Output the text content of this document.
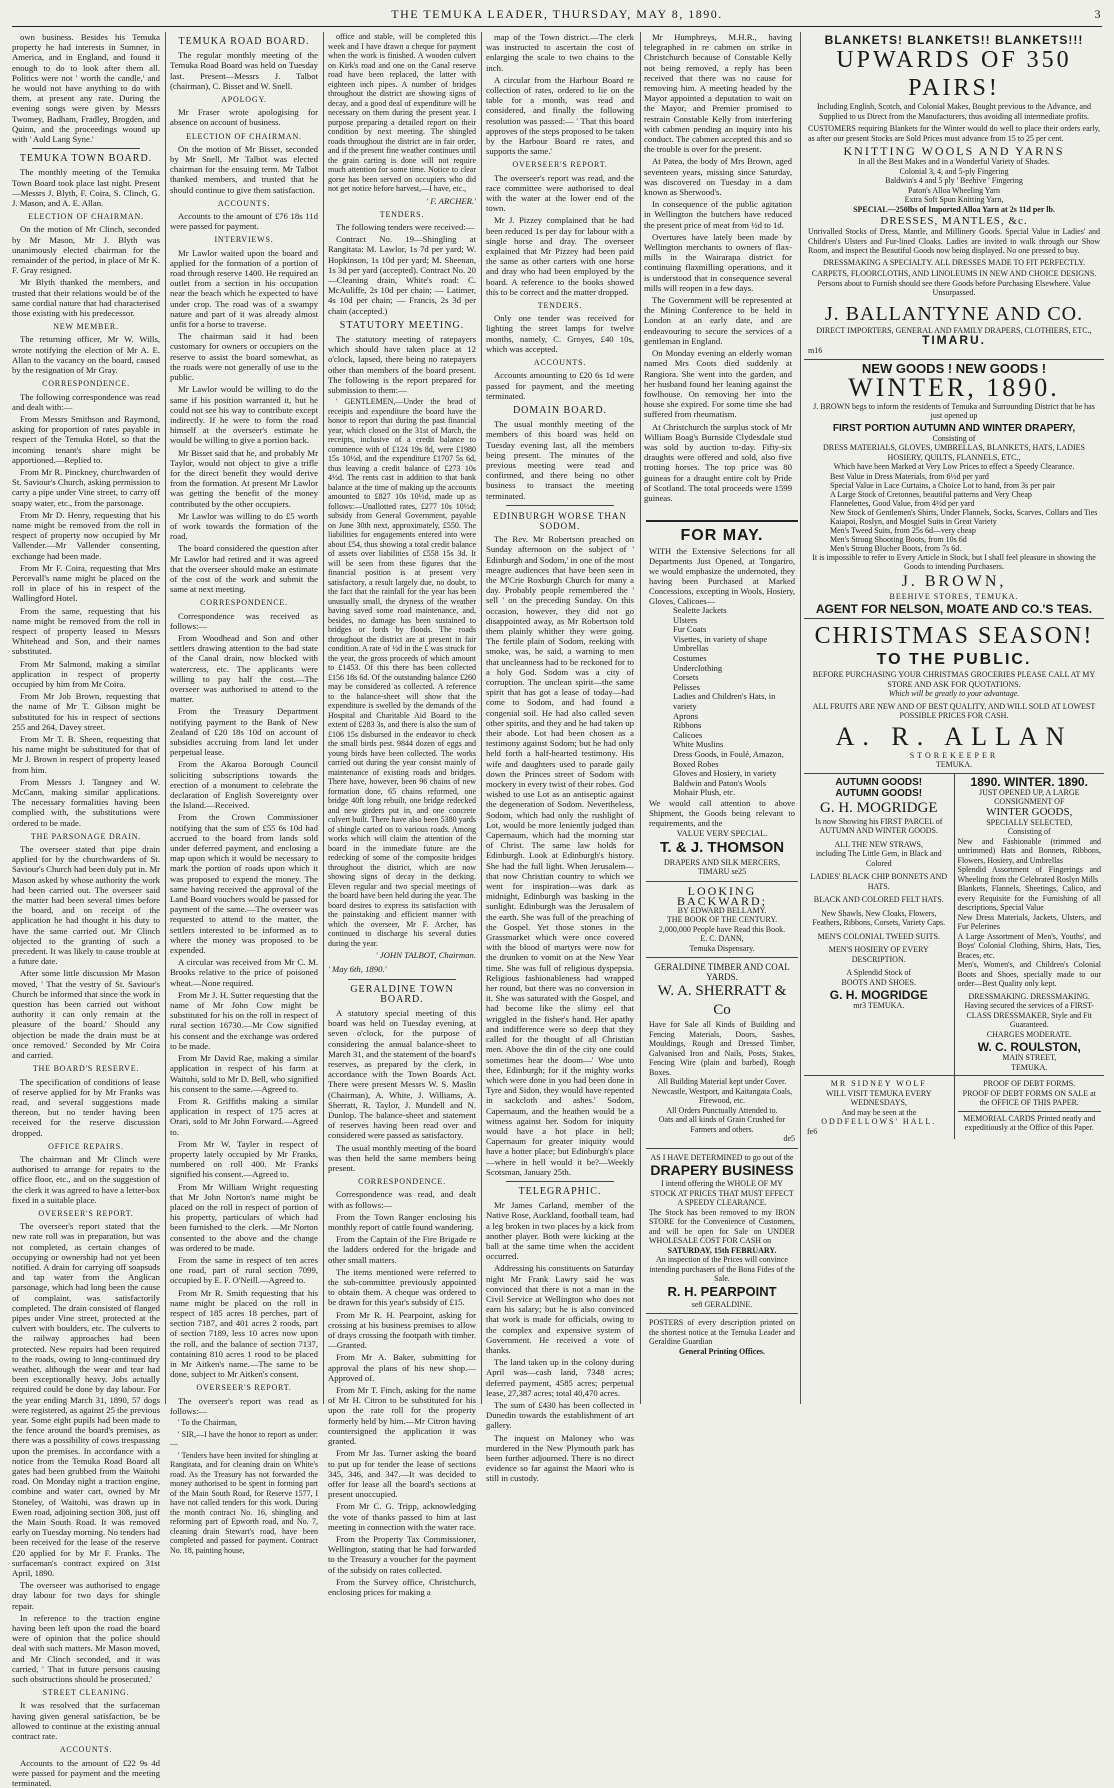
THE TEMUKA LEADER, THURSDAY, MAY 8, 1890.	3

own business. Besides his Temuka property he had interests in Sumner, in America, and in England, and found it enough to do to look after them all. Politics were not ' worth the candle,' and he would not have anything to do with them, at present any rate. During the evening songs were given by Messrs Twomey, Badham, Fradley, Brogden, and Quinn, and the proceedings wound up with ' Auld Lang Syne.'

TEMUKA TOWN BOARD.

The monthly meeting of the Temuka Town Board took place last night. Present—Messrs J. Blyth, F. Coira, S. Clinch, G. J. Mason, and A. E. Allan.

ELECTION OF CHAIRMAN.

On the motion of Mr Clinch, seconded by Mr Mason, Mr J. Blyth was unanimously elected chairman for the remainder of the period, in place of Mr K. F. Gray resigned.

Mr Blyth thanked the members, and trusted that their relations would be of the same cordial nature that had characterised those existing with his predecessor.

NEW MEMBER.

The returning officer, Mr W. Wills, wrote notifying the election of Mr A. E. Allan to the vacancy on the board, caused by the resignation of Mr Gray.

CORRESPONDENCE.

The following correspondence was read and dealt with:—

From Messrs Smithson and Raymond, asking for proportion of rates payable in respect of the Temuka Hotel, so that the incoming tenant's share might be apportioned.—Replied to.

From Mr R. Pinckney, churchwarden of St. Saviour's Church, asking permission to carry a pipe under Vine street, to carry off soapy water, etc., from the parsonage.

From Mr D. Henry, requesting that his name might be removed from the roll in respect of property now occupied by Mr Vallender.—Mr Vallender consenting, exchange had been made.

From Mr F. Coira, requesting that Mrs Percevall's name might be placed on the roll in place of his in respect of the Wallingford Hotel.

From the same, requesting that his name might be removed from the roll in respect of property leased to Messrs Whitehead and Son, and their names substituted.

From Mr Salmond, making a similar application in respect of property occupied by him from Mr Coira.

From Mr Job Brown, requesting that the name of Mr T. Gibson might be substituted for his in respect of sections 255 and 264, Davey street.

From Mr T. B. Sheen, requesting that his name might be substituted for that of Mr J. Brown in respect of property leased from him.

From Messrs J. Tangney and W. McCann, making similar applications. The necessary formalities having been complied with, the substitutions were ordered to be made.

THE PARSONAGE DRAIN.

The overseer stated that pipe drain applied for by the churchwardens of St. Saviour's Church had been duly put in. Mr Mason asked by whose authority the work had been carried out. The overseer said the matter had been several times before the board, and on receipt of the application he had thought it his duty to have the same carried out. Mr Clinch objected to the granting of such a precedent. It was likely to cause trouble at a future date.

After some little discussion Mr Mason moved, ' That the vestry of St. Saviour's Church be informed that since the work in question has been carried out without authority it can only remain at the pleasure of the board.' Should any objection be made the drain must be at once removed.' Seconded by Mr Coira and carried.

THE BOARD'S RESERVE.

The specification of conditions of lease of reserve applied for by Mr Franks was read, and several suggestions made thereon, but no tender having been received for the reserve discussion dropped.

OFFICE REPAIRS.

The chairman and Mr Clinch were authorised to arrange for repairs to the office floor, etc., and on the suggestion of the clerk it was agreed to have a letter-box fixed in a suitable place.

OVERSEER'S REPORT.

The overseer's report stated that the new rate roll was in preparation, but was not completed, as certain changes of occupying or ownership had not yet been notified. A drain for carrying off soapsuds and tap water from the Anglican parsonage, which had long been the cause of complaint, was satisfactorily completed. The drain consisted of flanged pipes under Vine street, protected at the culvert with boulders, etc. The culverts to the railway approaches had been protected. New repairs had been required to the roads, owing to long-continued dry weather, although the wear and tear had been exceptionally heavy. Jobs actually required could be done by day labour. For the year ending March 31, 1890, 57 dogs were registered, as against 25 the previous year. Some eight pupils had been made to the fence around the board's premises, as there was a possibility of cows trespassing upon the premises. In accordance with a notice from the Temuka Road Board all gates had been grubbed from the Waitohi road. On Monday night a traction engine, combine and water cart, owned by Mr Stoneley, of Waitohi, was drawn up in Ewen road, adjoining section 308, just off the Main South Road. It was removed early on Tuesday morning. No tenders had been received for the lease of the reserve £20 applied for by Mr F. Franks. The surfaceman's contract expired on 31st April, 1890.

The overseer was authorised to engage dray labour for two days for shingle repair.

In reference to the traction engine having been left upon the road the board were of opinion that the police should deal with such matters. Mr Mason moved, and Mr Clinch seconded, and it was carried, ' That in future persons causing such obstructions should be prosecuted.'

STREET CLEANING.

It was resolved that the surfaceman having given general satisfaction, be be allowed to continue at the existing annual contract rate.

ACCOUNTS.

Accounts to the amount of £22 9s 4d were passed for payment and the meeting terminated.

TEMUKA ROAD BOARD.

The regular monthly meeting of the Temuka Road Board was held on Tuesday last. Present—Messrs J. Talbot (chairman), C. Bisset and W. Snell.

APOLOGY.

Mr Fraser wrote apologising for absence on account of business.

ELECTION OF CHAIRMAN.

On the motion of Mr Bisset, seconded by Mr Snell, Mr Talbot was elected chairman for the ensuing term. Mr Talbot thanked members, and trusted that he should continue to give them satisfaction.

ACCOUNTS.

Accounts to the amount of £76 18s 11d were passed for payment.

INTERVIEWS.

Mr Lawlor waited upon the board and applied for the formation of a portion of road through reserve 1400. He required an outlet from a section in his occupation near the beach which he expected to have under crop. The road was of a swampy nature and part of it was already almost unfit for a horse to traverse.

The chairman said it had been customary for owners or occupiers on the reserve to assist the board somewhat, as the roads were not generally of use to the public.

Mr Lawlor would be willing to do the same if his position warranted it, but he could not see his way to contribute except indirectly. If he were to form the road himself at the overseer's estimate he would be willing to give a portion back.

Mr Bisset said that he, and probably Mr Taylor, would not object to give a trifle for the direct benefit they would derive from the formation. At present Mr Lawlor was getting the benefit of the money contributed by the other occupiers.

Mr Lawlor was willing to do £5 worth of work towards the formation of the road.

The board considered the question after Mr Lawlor had retired and it was agreed that the overseer should make an estimate of the cost of the work and submit the same at next meeting.

CORRESPONDENCE.

Correspondence was received as follows:—

From Woodhead and Son and other settlers drawing attention to the bad state of the Canal drain, now blocked with watercress, etc. The applicants were willing to pay half the cost.—The overseer was authorised to attend to the matter.

From the Treasury Department notifying payment to the Bank of New Zealand of £20 18s 10d on account of subsidies accruing from land let under perpetual lease.

From the Akaroa Borough Council soliciting subscriptions towards the erection of a monument to celebrate the declaration of English Sovereignty over the Island.—Received.

From the Crown Commissioner notifying that the sum of £55 6s 10d had accrued to the board from lands sold under deferred payment, and enclosing a map upon which it would be necessary to mark the portion of roads upon which it was proposed to expend the money. The same having received the approval of the Land Board vouchers would be passed for payment of the same.—The overseer was requested to attend to the matter, the settlers interested to be informed as to where the money was proposed to be expended.

A circular was received from Mr C. M. Brooks relative to the price of poisoned wheat.—None required.

From Mr J. H. Sutter requesting that the name of Mr John Cow might be substituted for his on the roll in respect of rural section 16730.—Mr Cow signified his consent and the exchange was ordered to be made.

From Mr David Rae, making a similar application in respect of his farm at Waitohi, sold to Mr D. Bell, who signified his consent to the same.—Agreed to.

From R. Griffiths making a similar application in respect of 175 acres at Orari, sold to Mr John Forward.—Agreed to.

From Mr W. Tayler in respect of property lately occupied by Mr Franks, numbered on roll 400. Mr Franks signified his consent.—Agreed to.

From Mr William Wright requesting that Mr John Norton's name might be placed on the roll in respect of portion of his property, particulars of which had been furnished to the clerk. —Mr Norton consented to the above and the change was ordered to be made.

From the same in respect of ten acres one road, part of rural section 7099, occupied by E. F. O'Neill.—Agreed to.

From Mr R. Smith requesting that his name might be placed on the roll in respect of 185 acres 18 perches, part of section 7187, and 401 acres 2 roods, part of section 7189, less 10 acres now upon the roll, and the balance of section 7137, containing 810 acres 1 rood to be placed in Mr Aitken's name.—The same to be done, subject to Mr Aitken's consent.

OVERSEER'S REPORT.

The overseer's report was read as follows:—

' To the Chairman,

' SIR,—I have the honor to report as under:—

' Tenders have been invited for shingling at Rangitata, and for cleaning drain on White's road. As the Treasury has not forwarded the money authorised to be spent in forming part of the Main South Road, for Reserve 1577, I have not called tenders for this work. During the month contract No. 16, shingling and reforming part of Epworth road, and No. 7, cleaning drain Stewart's road, have been completed and passed for payment. Contract No. 18, painting house,

office and stable, will be completed this week and I have drawn a cheque for payment when the work is finished. A wooden culvert on Kirk's road and one on the Canal reserve road have been replaced, the latter with eighteen inch pipes. A number of bridges throughout the district are showing signs of decay, and a good deal of expenditure will be necessary on them during the present year. I purpose preparing a detailed report on their condition by next meeting. The shingled roads throughout the district are in fair order, and if the present fine weather continues until the grain carting is done will not require much attention for some time. Notice to clear gorse has been served on occupiers who did not get notice before harvest,—I have, etc.,

' F. ARCHER.'
TENDERS.

The following tenders were received:—

Contract No. 19—Shingling at Rangitata: M. Lawlor, 1s 7d per yard; W. Hopkinson, 1s 10d per yard; M. Sheenan, 1s 3d per yard (accepted). Contract No. 20—Cleaning drain, White's road: C. McAuliffe, 2s 10d per chain; — Latimer, 4s 10d per chain; — Francis, 2s 3d per chain (accepted.)

STATUTORY MEETING.

The statutory meeting of ratepayers which should have taken place at 12 o'clock, lapsed, there being no ratepayers other than members of the board present. The following is the report prepared for submission to them:—

' GENTLEMEN,—Under the head of receipts and expenditure the board have the honor to report that during the past financial year, which closed on the 31st of March, the receipts, inclusive of a credit balance to commence with of £124 19s 8d, were £1980 15s 10½d, and the expenditure £1707 5s 6d, thus leaving a credit balance of £273 10s 4½d. The rents cast in addition to that bank balance at the time of making up the accounts amounted to £827 10s 10½d, made up as follows:—Unallotted rates, £277 10s 10½d; subsidy from General Government, payable on June 30th next, approximately, £550. The liabilities for engagements entered into were about £54, thus showing a total credit balance of assets over liabilities of £558 15s 3d. It will be seen from these figures that the financial position is at present very satisfactory, a result largely due, no doubt, to the fact that the rainfall for the year has been unusually small, the dryness of the weather having saved some road maintenance, and, besides, no damage has been sustained to bridges or fords by floods. The roads throughout the district are at present in fair condition. A rate of ½d in the £ was struck for the year, the gross proceeds of which amount to £1453. Of this there has been collected £156 18s 6d. Of the outstanding balance £260 may be considered as collected. A reference to the balance-sheet will show that the expenditure is swelled by the demands of the Hospital and Charitable Aid Board to the extent of £283 3s, and there is also the sum of £106 15s disbursed in the endeavor to check the small birds pest. 9844 dozen of eggs and young birds have been collected. The works carried out during the year consist mainly of maintenance of existing roads and bridges. There have, however, been 96 chains of new formation done, 65 chains reformed, one bridge 40ft long rebuilt, one bridge redecked and new girders put in, and one concrete culvert built. There have also been 5380 yards of shingle carted on to various roads. Among works which will claim the attention of the board in the immediate future are the redecking of some of the composite bridges throughout the district, which are now showing signs of decay in the decking. Eleven regular and two special meetings of the board have been held during the year. The board desires to express its satisfaction with the painstaking and efficient manner with which the overseer, Mr F. Archer, has continued to discharge his several duties during the year.

' JOHN TALBOT, Chairman.
' May 6th, 1890.'
GERALDINE TOWN BOARD.

A statutory special meeting of this board was held on Tuesday evening, at seven o'clock, for the purpose of considering the annual balance-sheet to March 31, and the statement of the board's reserves, as prepared by the clerk, in accordance with the Town Boards Act. There were present Messrs W. S. Maslin (Chairman), A. White, J. Williams, A. Sherratt, R. Taylor, J. Mundell and N. Dunlop. The balance-sheet and statement of reserves having been read over and considered were passed as satisfactory.

The usual monthly meeting of the board was then held the same members being present.

CORRESPONDENCE.

Correspondence was read, and dealt with as follows:—

From the Town Ranger enclosing his monthly report of cattle found wandering.

From the Captain of the Fire Brigade re the ladders ordered for the brigade and other small matters.

The items mentioned were referred to the sub-committee previously appointed to obtain them. A cheque was ordered to be drawn for this year's subsidy of £15.

From Mr R. H. Pearpoint, asking for crossing at his business premises to allow of drays crossing the footpath with timber.—Granted.

From Mr A. Baker, submitting for approval the plans of his new shop.—Approved of.

From Mr T. Finch, asking for the name of Mr H. Citron to be substituted for his upon the rate roll for the property formerly held by him.—Mr Citron having countersigned the application it was granted.

From Mr Jas. Turner asking the board to put up for tender the lease of sections 345, 346, and 347.—It was decided to offer for lease all the board's sections at present unoccupied.

From Mr C. G. Tripp, acknowledging the vote of thanks passed to him at last meeting in connection with the water race.

From the Property Tax Commissioner, Wellington, stating that he had forwarded to the Treasury a voucher for the payment of the subsidy on rates collected.

From the Survey office, Christchurch, enclosing prices for making a

map of the Town district.—The clerk was instructed to ascertain the cost of enlarging the scale to two chains to the inch.

A circular from the Harbour Board re collection of rates, ordered to lie on the table for a month, was read and considered, and finally the following resolution was passed:— ' That this board approves of the steps proposed to be taken by the Harbour Board re rates, and supports the same.'

OVERSEER'S REPORT.

The overseer's report was read, and the race committee were authorised to deal with the water at the lower end of the town.

Mr J. Pizzey complained that he had been reduced 1s per day for labour with a single horse and dray. The overseer explained that Mr Pizzey had been paid the same as other carters with one horse and dray who had been employed by the board. A reference to the books showed this to be correct and the matter dropped.

TENDERS.

Only one tender was received for lighting the street lamps for twelve months, namely, C. Groyes, £40 10s, which was accepted.

ACCOUNTS.

Accounts amounting to £20 6s 1d were passed for payment, and the meeting terminated.

DOMAIN BOARD.

The usual monthly meeting of the members of this board was held on Tuesday evening last, all the members being present. The minutes of the previous meeting were read and confirmed, and there being no other business to transact the meeting terminated.

EDINBURGH WORSE THAN SODOM.

The Rev. Mr Robertson preached on Sunday afternoon on the subject of ' Edinburgh and Sodom,' in one of the most meagre audiences that have been seen in the M'Crie Roxburgh Church for many a day. Probably people remembered the ' sell ' on the preceding Sunday. On this occasion, however, they did not go disappointed away, as Mr Robertson told them plainly whither they were going. The fertile plain of Sodom, reeking with smoke, was, he said, a warning to men that uncleanness had to be reckoned for to a holy God. Sodom was a city of corruption. The unclean spirit—the same spirit that has got a lease of today—had come to Sodom, and had found a congenial soil. He had also called seven other spirits, and they and he had taken up their abode. Lot had been chosen as a testimony against Sodom; but he had only held forth a half-hearted testimony. His wife and daughters used to parade gaily down the Princes street of Sodom with mockery in every twist of their robes. God wished to use Lot as an antiseptic against the degeneration of Sodom. Nevertheless, Sodom, which had only the rushlight of Lot, would be more leniently judged than Capernaum, which had the morning star of Christ. The same law holds for Edinburgh. Look at Edinburgh's history. She had the full light. When Jerusalem—that now Christian country to which we went for inspiration—was dark as midnight, Edinburgh was basking in the sunlight. Edinburgh was the Jerusalem of the earth. She was full of the preaching of the Gospel. Yet those stones in the Grassmarket which were once covered with the blood of martyrs were now for the drunken to vomit on at the New Year time. She was full of religious dyspepsia. Religious fashionableness had wrapped her round, but there was no conversion in it. She was saturated with the Gospel, and had become like the slimy eel that wriggled in the fisher's hand. Her apathy and indifference were so deep that they called for the thought of all Christian men. Above the din of the city one could sometimes hear the doom—' Woe unto thee, Edinburgh; for if the mighty works which were done in you had been done in Tyre and Sidon, they would have repented in sackcloth and ashes.' Sodom, Capernaum, and the heathen would be a witness against her. Sodom for iniquity would have a hot place in hell; Capernaum for greater iniquity would have a hotter place; but Edinburgh's place—where in hell would it be?—Weekly Scotsman, January 25th.

TELEGRAPHIC.

Mr James Carland, member of the Native Rose, Auckland, football team, had a leg broken in two places by a kick from another player. Both were kicking at the ball at the same time when the accident occurred.

Addressing his constituents on Saturday night Mr Frank Lawry said he was convinced that there is not a man in the Civil Service at Wellington who does not earn his salary; but he is also convinced that work is made for officials, owing to the complex and expensive system of Government. He received a vote of thanks.

The land taken up in the colony during April was—cash land, 7348 acres; deferred payment, 4585 acres; perpetual lease, 27,387 acres; total 40,470 acres.

The sum of £430 has been collected in Dunedin towards the establishment of art gallery.

The inquest on Maloney who was murdered in the New Plymouth park has been further adjourned. There is no direct evidence so far against the Maori who is still in custody.

Mr Humphreys, M.H.R., having telegraphed in re cabmen on strike in Christchurch because of Constable Kelly not being removed, a reply has been received that there was no cause for removing him. A meeting headed by the Mayor appointed a deputation to wait on the Mayor, and Premier promised to restrain Constable Kelly from interfering with cabmen pending an inquiry into his conduct. The cabmen accepted this and so the trouble is over for the present.

At Patea, the body of Mrs Brown, aged seventeen years, missing since Saturday, was discovered on Tuesday in a dam known as Sherwood's.

In consequence of the public agitation in Wellington the butchers have reduced the present price of meat from ½d to 1d.

Overtures have lately been made by Wellington merchants to owners of flax-mills in the Wairarapa district for continuing flaxmilling operations, and it is understood that in consequence several mills will reopen in a few days.

The Government will be represented at the Mining Conference to be held in London at an early date, and are endeavouring to secure the services of a gentleman in England.

On Monday evening an elderly woman named Mrs Coots died suddenly at Rangiora. She went into the garden, and her husband found her leaning against the fowlhouse. On removing her into the house she expired. For some time she had suffered from rheumatism.

At Christchurch the surplus stock of Mr William Boag's Burnside Clydesdale stud was sold by auction to-day. Fifty-six draughts were offered and sold, also five trotting horses. The top price was 80 guineas for a draught entire colt by Pride of Scotland. The total proceeds were 1599 guineas.

FOR MAY.
WITH the Extensive Selections for all Departments Just Opened, at Tongariro, we would emphasize the undernoted, they having been Purchased at Marked Concessions, excepting in Wools, Hosiery, Gloves, Calicoes—
Sealette Jackets
Ulsters
Fur Coats
Visettes, in variety of shape
Umbrellas
Costumes
Underclothing
Corsets
Pelisses
Ladies and Children's Hats, in variety
Aprons
Ribbons
Calicoes
White Muslins
Dress Goods, in Foulé, Amazon, Boxed Robes
Gloves and Hosiery, in variety
Baldwin and Paton's Wools
Mohair Plush, etc.
We would call attention to above Shipment, the Goods being relevant to requirements, and the
VALUE VERY SPECIAL.
T. & J. THOMSON
DRAPERS AND SILK MERCERS,
TIMARU se25
LOOKING BACKWARD;
BY EDWARD BELLAMY.
THE BOOK OF THE CENTURY.
2,000,000 People have Read this Book.
E. C. DANN,
Temuka Dispensary.
GERALDINE TIMBER AND COAL YARDS.
W. A. SHERRATT & Co
Have for Sale all Kinds of Building and Fencing Materials, Doors, Sashes, Mouldings, Rough and Dressed Timber, Galvanised Iron and Nails, Posts, Stakes, Fencing Wire (plain and barbed), Rough Boxes.
All Building Material kept under Cover.
Newcastle, Westport, and Kaitangata Coals, Firewood, etc.
All Orders Punctually Attended to.
Oats and all kinds of Grain Crushed for Farmers and others.
de5
AS I HAVE DETERMINED to go out of the
DRAPERY BUSINESS
I intend offering the WHOLE OF MY STOCK AT PRICES THAT MUST EFFECT A SPEEDY CLEARANCE.
The Stock has been removed to my IRON STORE for the Convenience of Customers, and will be open for Sale on UNDER WHOLESALE COST FOR CASH on
SATURDAY, 15th FEBRUARY.
An inspection of the Prices will convince intending purchasers of the Bona Fides of the Sale.
R. H. PEARPOINT
se8 GERALDINE.
POSTERS of every description printed on the shortest notice at the Temuka Leader and Geraldine Guardian
General Printing Offices.
BLANKETS! BLANKETS!! BLANKETS!!!
UPWARDS OF 350 PAIRS!
Including English, Scotch, and Colonial Makes, Bought previous to the Advance, and Supplied to us Direct from the Manufacturers, thus avoiding all intermediate profits.
CUSTOMERS requiring Blankets for the Winter would do well to place their orders early, as after our present Stocks are Sold Prices must advance from 15 to 25 per cent.
KNITTING WOOLS AND YARNS
In all the Best Makes and in a Wonderful Variety of Shades.
Colonial 3, 4, and 5-ply Fingering
Baldwin's 4 and 5 ply ' Beehive ' Fingering
Paton's Alloa Wheeling Yarn
Extra Soft Spun Knitting Yarn,
SPECIAL—250lbs of Imported Alloa Yarn at 2s 11d per lb.
DRESSES, MANTLES, &c.
Unrivalled Stocks of Dress, Mantle, and Millinery Goods. Special Value in Ladies' and Children's Ulsters and Fur-lined Cloaks. Ladies are invited to walk through our Show Room, and inspect the Beautiful Goods now being displayed. No one pressed to buy.
DRESSMAKING A SPECIALTY. ALL DRESSES MADE TO FIT PERFECTLY.
CARPETS, FLOORCLOTHS, AND LINOLEUMS IN NEW AND CHOICE DESIGNS.
Persons about to Furnish should see there Goods before Purchasing Elsewhere. Value Unsurpassed.
J. BALLANTYNE AND CO.
DIRECT IMPORTERS, GENERAL AND FAMILY DRAPERS, CLOTHIERS, ETC.,
TIMARU.
m16
NEW GOODS ! NEW GOODS !
WINTER, 1890.
J. BROWN begs to inform the residents of Temuka and Surrounding District that he has just opened up
FIRST PORTION AUTUMN AND WINTER DRAPERY,
Consisting of
DRESS MATERIALS, GLOVES, UMBRELLAS, BLANKETS, HATS, LADIES HOSIERY, QUILTS, FLANNELS, ETC.,
Which have been Marked at Very Low Prices to effect a Speedy Clearance.
Best Value in Dress Materials, from 6½d per yard
Special Value in Lace Curtains, a Choice Lot to hand, from 3s per pair
A Large Stock of Cretonnes, beautiful patterns and Very Cheap
Flannelettes, Good Value, from 4½d per yard
New Stock of Gentlemen's Shirts, Under Flannels, Socks, Scarves, Collars and Ties
Kaiapoi, Roslyn, and Mosgiel Suits in Great Variety
Men's Tweed Suits, from 25s 6d—very cheap
Men's Strong Shooting Boots, from 10s 6d
Men's Strong Blucher Boots, from 7s 6d.
It is impossible to refer to Every Article in Stock, but I shall feel pleasure in showing the Goods to intending Purchasers.
J. BROWN,
BEEHIVE STORES, TEMUKA.
AGENT FOR NELSON, MOATE AND CO.'S TEAS.
CHRISTMAS SEASON!
TO THE PUBLIC.
BEFORE PURCHASING YOUR CHRISTMAS GROCERIES PLEASE CALL AT MY STORE AND ASK FOR QUOTATIONS.
Which will be greatly to your advantage.
ALL FRUITS ARE NEW AND OF BEST QUALITY, AND WILL SOLD AT LOWEST POSSIBLE PRICES FOR CASH.
A. R. ALLAN
STOREKEEPER
TEMUKA.
AUTUMN GOODS!
AUTUMN GOODS!
G. H. MOGRIDGE
Is now Showing his FIRST PARCEL of
AUTUMN AND WINTER GOODS.
ALL THE NEW STRAWS,
including The Little Gem, in Black and Colored
LADIES' BLACK CHIP BONNETS AND HATS.
BLACK AND COLORED FELT HATS.
New Shawls, New Cloaks, Flowers, Feathers, Ribbons, Corsets, Variety Caps.
MEN'S COLONIAL TWEED SUITS.
MEN'S HOSIERY OF EVERY DESCRIPTION.
A Splendid Stock of
BOOTS AND SHOES.
G. H. MOGRIDGE
mr3 TEMUKA.
1890. WINTER. 1890.
JUST OPENED UP, A LARGE CONSIGNMENT OF
WINTER GOODS,
SPECIALLY SELECTED,
Consisting of
New and Fashionable (trimmed and untrimmed) Hats and Bonnets, Ribbons, Flowers, Hosiery, and Umbrellas
Splendid Assortment of Fingerings and Wheeling from the Celebrated Roslyn Mills
Blankets, Flannels, Sheetings, Calico, and every Requisite for the Furnishing of all descriptions, Special Value
New Dress Materials, Jackets, Ulsters, and Fur Pelerines
A Large Assortment of Men's, Youths', and Boys' Colonial Clothing, Shirts, Hats, Ties, Braces, etc.
Men's, Women's, and Children's Colonial Boots and Shoes, specially made to our order—Best Quality only kept.
DRESSMAKING. DRESSMAKING.
Having secured the services of a FIRST-CLASS DRESSMAKER, Style and Fit Guaranteed.
CHARGES MODERATE.
W. C. ROULSTON,
MAIN STREET,
TEMUKA.
MR SIDNEY WOLF
WILL VISIT TEMUKA EVERY WEDNESDAYS,
And may be seen at the
ODDFELLOWS' HALL.
fe6
PROOF OF DEBT FORMS.
PROOF OF DEBT FORMS ON SALE at the OFFICE OF THIS PAPER.
MEMORIAL CARDS Printed neatly and expeditiously at the Office of this Paper.
